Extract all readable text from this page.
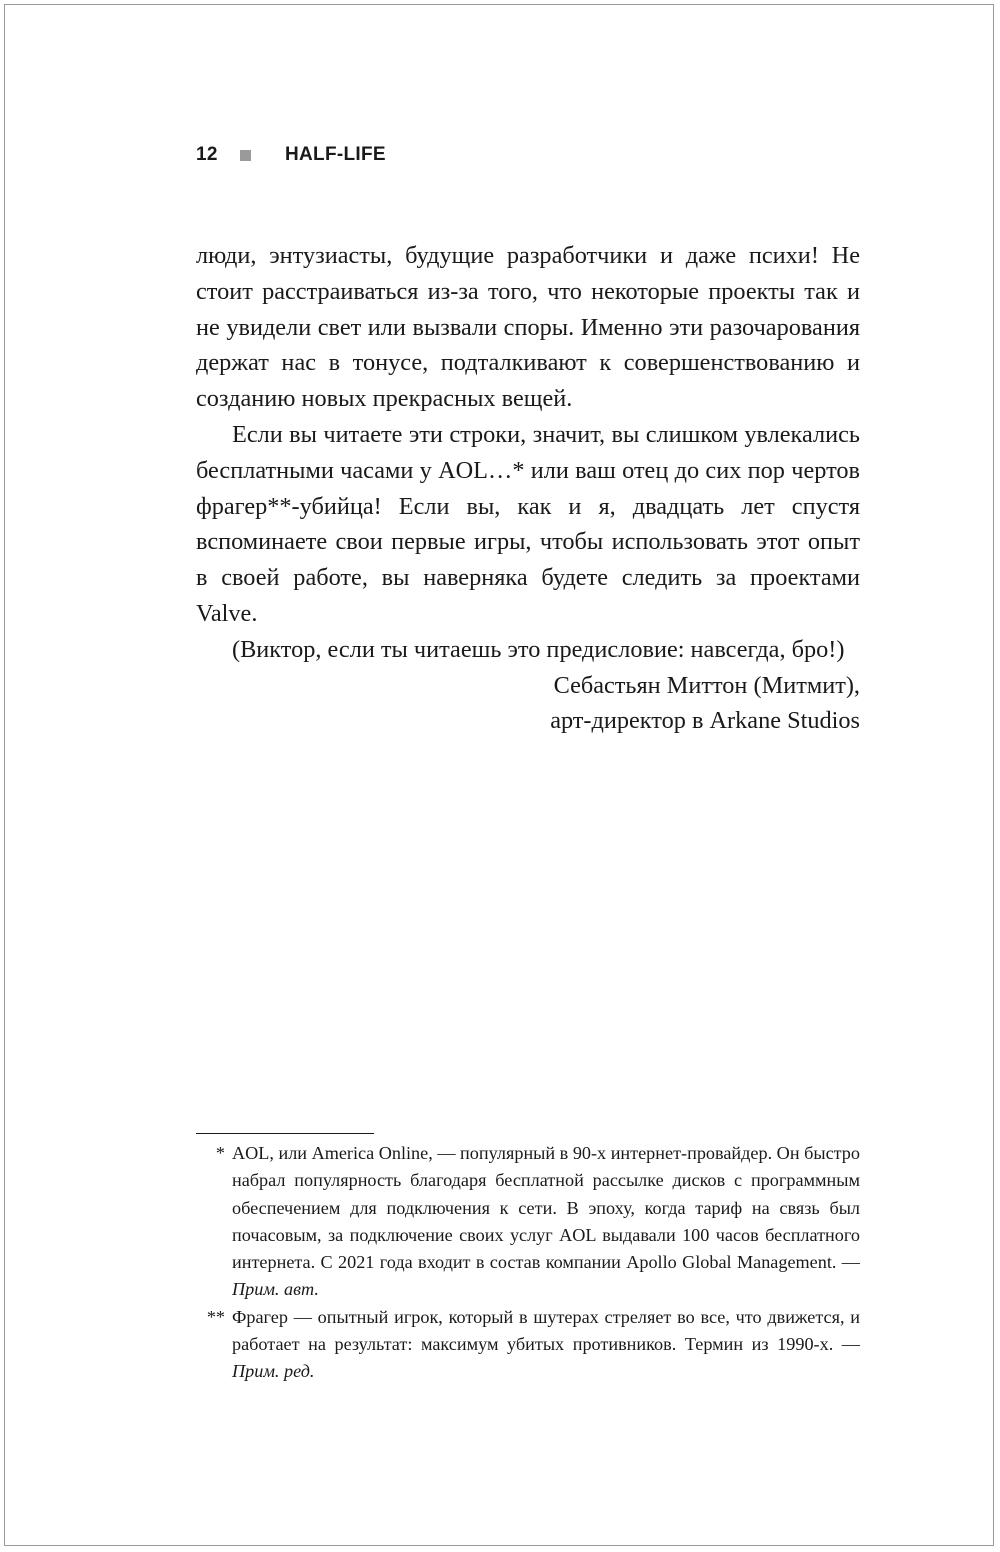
12	HALF-LIFE

люди, энтузиасты, будущие разработчики и даже психи! Не стоит расстраиваться из-за того, что некоторые проекты так и не увидели свет или вызвали споры. Именно эти разочарования держат нас в тонусе, подталкивают к совершенствованию и созданию новых прекрасных вещей.

Если вы читаете эти строки, значит, вы слишком увлекались бесплатными часами у AOL…* или ваш отец до сих пор чертов фрагер**-убийца! Если вы, как и я, двадцать лет спустя вспоминаете свои первые игры, чтобы использовать этот опыт в своей работе, вы наверняка будете следить за проектами Valve.

(Виктор, если ты читаешь это предисловие: навсегда, бро!)

Себастьян Миттон (Митмит),
арт-директор в Arkane Studios
* AOL, или America Online, — популярный в 90-х интернет-провайдер. Он быстро набрал популярность благодаря бесплатной рассылке дисков с программным обеспечением для подключения к сети. В эпоху, когда тариф на связь был почасовым, за подключение своих услуг AOL выдавали 100 часов бесплатного интернета. С 2021 года входит в состав компании Apollo Global Management. — Прим. авт.
** Фрагер — опытный игрок, который в шутерах стреляет во все, что движется, и работает на результат: максимум убитых противников. Термин из 1990-х. — Прим. ред.
